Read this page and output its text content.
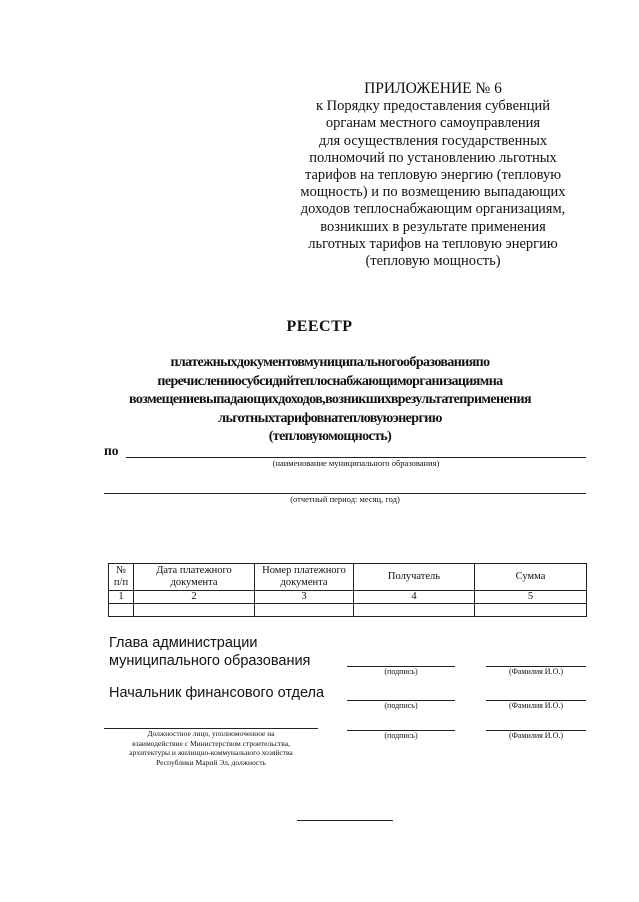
ПРИЛОЖЕНИЕ № 6
к Порядку предоставления субвенций
органам местного самоуправления
для осуществления государственных
полномочий по установлению льготных
тарифов на тепловую энергию (тепловую
мощность) и по возмещению выпадающих
доходов теплоснабжающим организациям,
возникших в результате применения
льготных тарифов на тепловую энергию
(тепловую мощность)
РЕЕСТР
платежныхдокументовмуниципальногообразованияпо
перечислениюсубсидийтеплоснабжающиморганизациямна
возмещениевыпадающихдоходов,возникшихврезультатеприменения
льготныхтарифовнатепловуюэнергию
(тепловуюмощность)
по
(наименование муниципального образования)
(отчетный период: месяц, год)
№ п/п	Дата платежного документа	Номер платежного документа	Получатель	Сумма
1	2	3	4	5

Глава администрации
муниципального образования
(подпись)	(Фамилия И.О.)
Начальник финансового отдела
(подпись)	(Фамилия И.О.)
Должностное лицо, уполномоченное на
взаимодействие с Министерством строительства,
архитектуры и жилищно-коммунального хозяйства
Республики Марий Эл, должность
(подпись)	(Фамилия И.О.)
